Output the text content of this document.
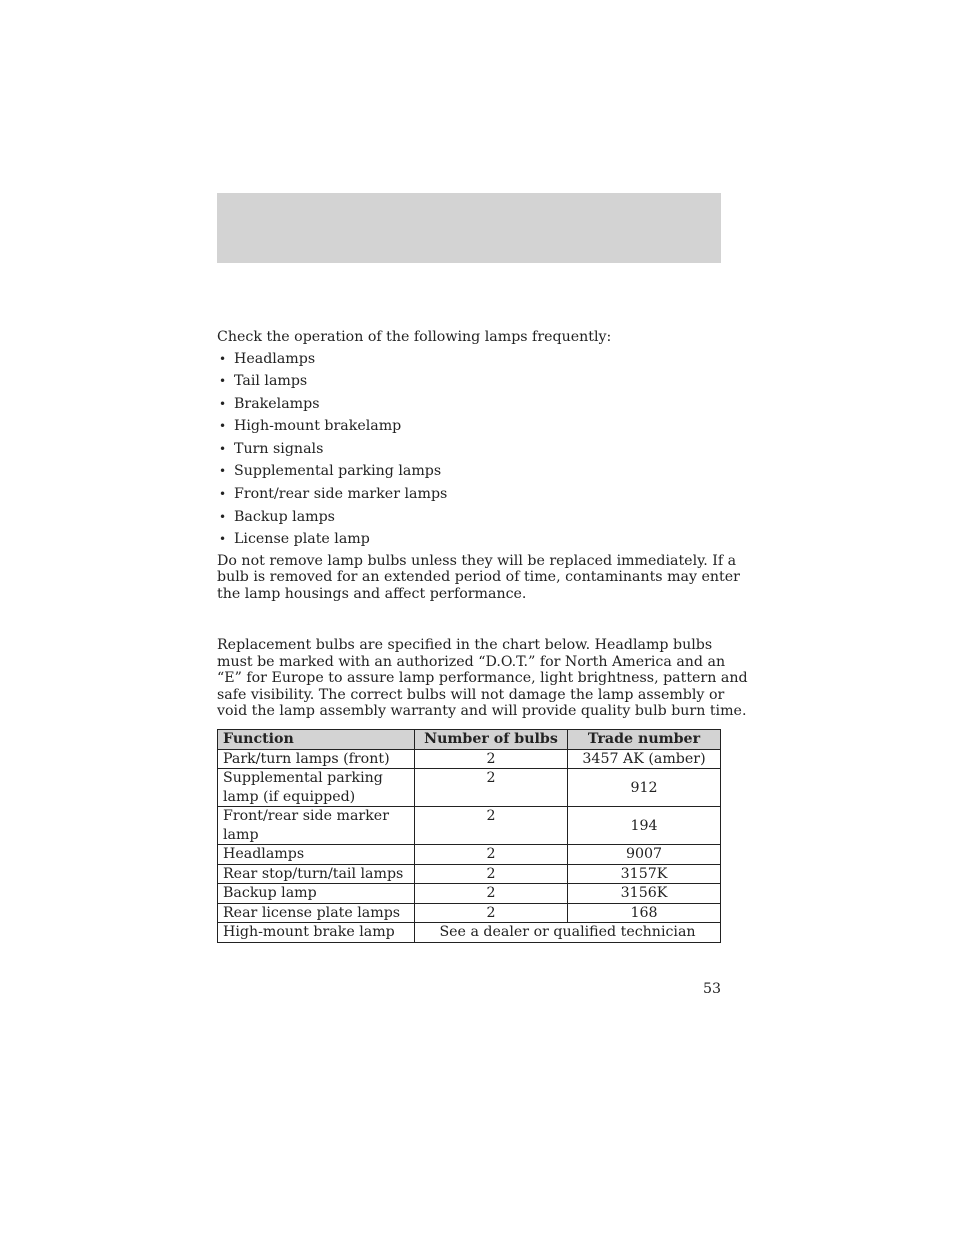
Check the operation of the following lamps frequently:

• Headlamps
• Tail lamps
• Brakelamps
• High-mount brakelamp
• Turn signals
• Supplemental parking lamps
• Front/rear side marker lamps
• Backup lamps
• License plate lamp
Do not remove lamp bulbs unless they will be replaced immediately. If a
bulb is removed for an extended period of time, contaminants may enter
the lamp housings and affect performance.
Replacement bulbs are specified in the chart below. Headlamp bulbs
must be marked with an authorized “D.O.T.” for North America and an
“E” for Europe to assure lamp performance, light brightness, pattern and
safe visibility. The correct bulbs will not damage the lamp assembly or
void the lamp assembly warranty and will provide quality bulb burn time.
Function	Number of bulbs	Trade number
Park/turn lamps (front)	2	3457 AK (amber)

Supplemental parking
lamp (if equipped)	2	912

Front/rear side marker
lamp	2	194
Headlamps	2	9007
Rear stop/turn/tail lamps	2	3157K
Backup lamp	2	3156K
Rear license plate lamps	2	168
High-mount brake lamp	See a dealer or qualified technician	
53
